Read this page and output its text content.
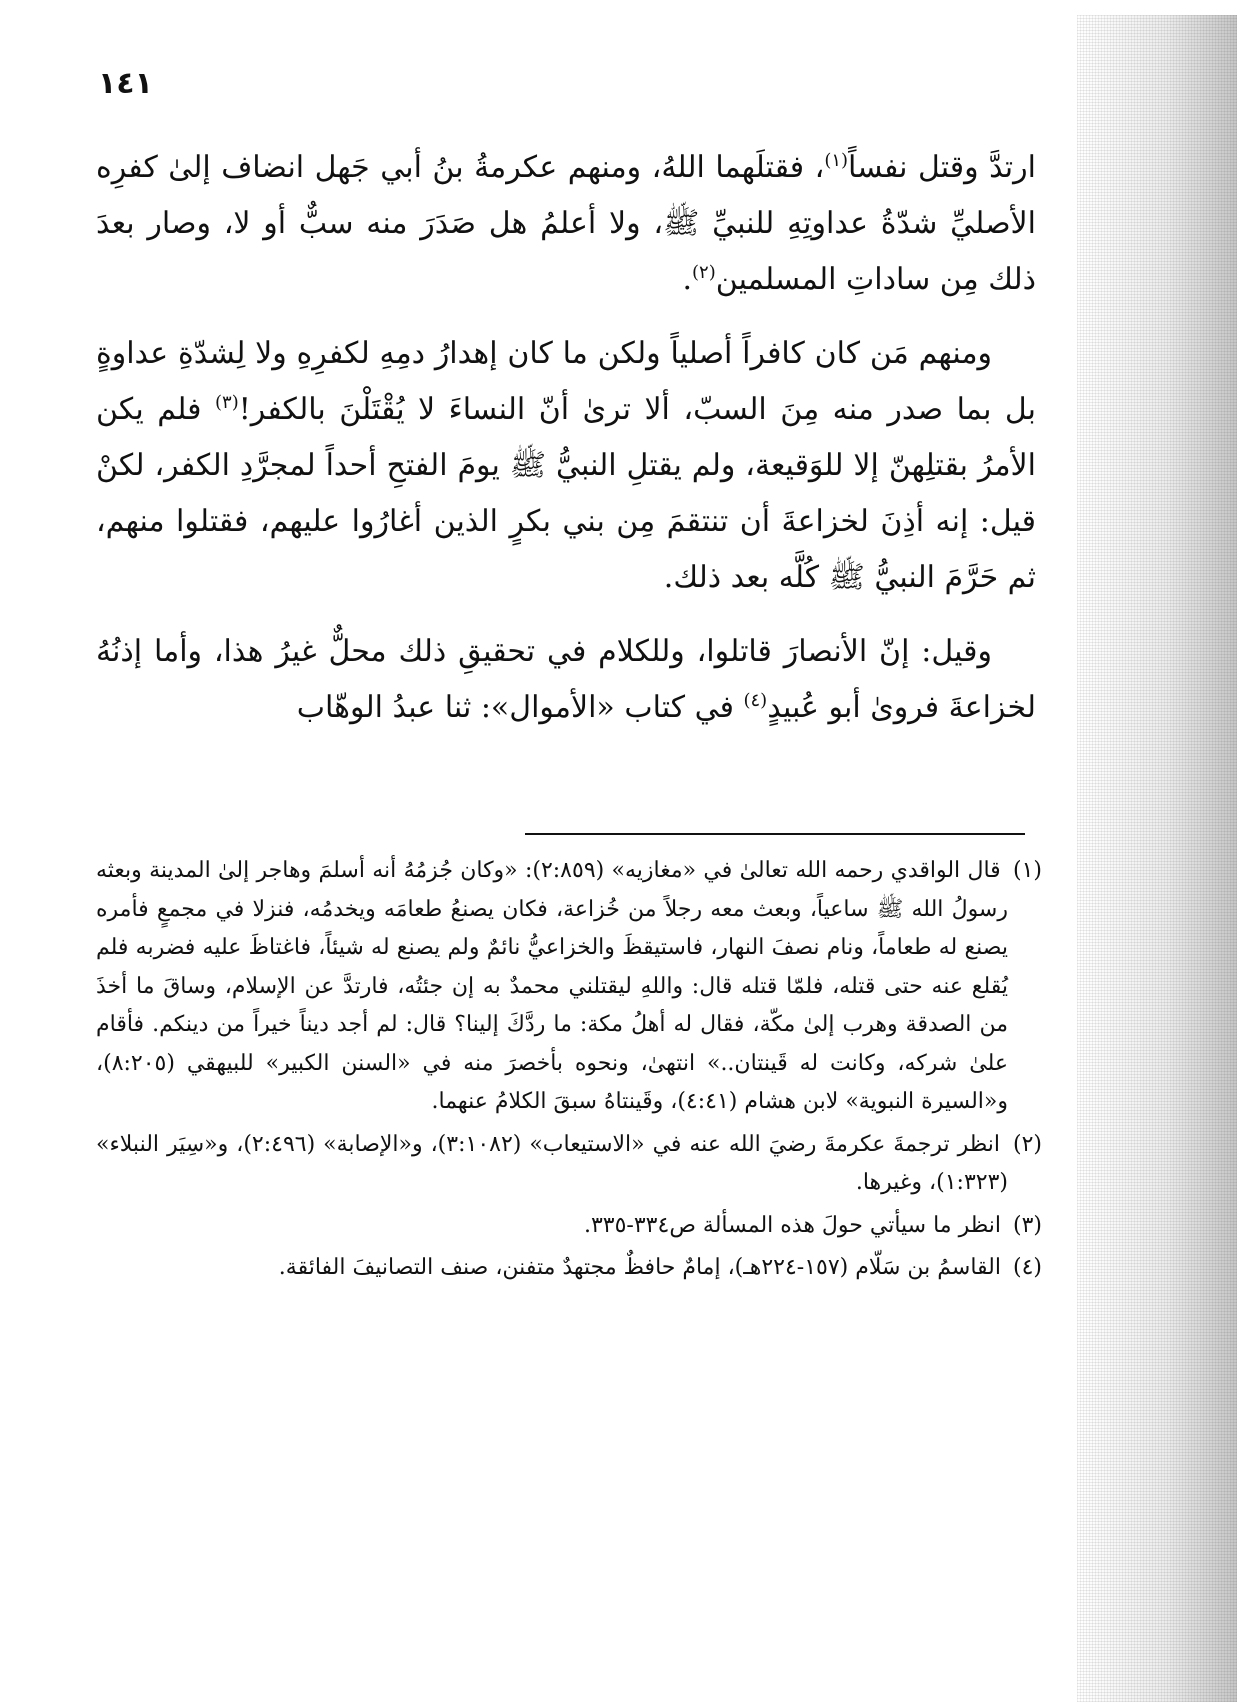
١٤١

ارتدَّ وقتل نفساً$^{(١)}$، فقتلَهما اللهُ، ومنهم عكرمةُ بنُ أبي جَهل انضاف إلىٰ كفرِه الأصليِّ شدّةُ عداوتِهِ للنبيِّ ﷺ، ولا أعلمُ هل صَدَرَ منه سبٌّ أو لا، وصار بعدَ ذلك مِن ساداتِ المسلمين$^{(٢)}$.

ومنهم مَن كان كافراً أصلياً ولكن ما كان إهدارُ دمِهِ لكفرِهِ ولا لِشدّةِ عداوةٍ بل بما صدر منه مِنَ السبّ، ألا ترىٰ أنّ النساءَ لا يُقْتَلْنَ بالكفر!$^{(٣)}$ فلم يكن الأمرُ بقتلِهنّ إلا للوَقيعة، ولم يقتلِ النبيُّ ﷺ يومَ الفتحِ أحداً لمجرَّدِ الكفر، لكنْ قيل: إنه أذِنَ لخزاعةَ أن تنتقمَ مِن بني بكرٍ الذين أغارُوا عليهم، فقتلوا منهم، ثم حَرَّمَ النبيُّ ﷺ كُلَّه بعد ذلك.

وقيل: إنّ الأنصارَ قاتلوا، وللكلام في تحقيقِ ذلك محلٌّ غيرُ هذا، وأما إذنُهُ لخزاعةَ فروىٰ أبو عُبيدٍ$^{(٤)}$ في كتاب «الأموال»: ثنا عبدُ الوهّاب

(١) قال الواقدي رحمه الله تعالىٰ في «مغازيه» (٢:٨٥٩): «وكان جُزمُهُ أنه أسلمَ وهاجر إلىٰ المدينة وبعثه رسولُ الله ﷺ ساعياً، وبعث معه رجلاً من خُزاعة، فكان يصنعُ طعامَه ويخدمُه، فنزلا في مجمعٍ فأمره يصنع له طعاماً، ونام نصفَ النهار، فاستيقظَ والخزاعيُّ نائمٌ ولم يصنع له شيئاً، فاغتاظَ عليه فضربه فلم يُقلع عنه حتى قتله، فلمّا قتله قال: واللهِ ليقتلني محمدٌ به إن جئتُه، فارتدَّ عن الإسلام، وساقَ ما أخذَ من الصدقة وهرب إلىٰ مكّة، فقال له أهلُ مكة: ما ردَّكَ إلينا؟ قال: لم أجد ديناً خيراً من دينكم. فأقام علىٰ شركه، وكانت له قَينتان..» انتهىٰ، ونحوه بأخصرَ منه في «السنن الكبير» للبيهقي (٨:٢٠٥)، و«السيرة النبوية» لابن هشام (٤:٤١)، وقَينتاهُ سبقَ الكلامُ عنهما.

(٢) انظر ترجمةَ عكرمةَ رضيَ الله عنه في «الاستيعاب» (٣:١٠٨٢)، و«الإصابة» (٢:٤٩٦)، و«سِيَر النبلاء» (١:٣٢٣)، وغيرها.

(٣) انظر ما سيأتي حولَ هذه المسألة ص٣٣٤-٣٣٥.

(٤) القاسمُ بن سَلّام (١٥٧-٢٢٤هـ)، إمامٌ حافظٌ مجتهدٌ متفنن، صنف التصانيفَ الفائقة.
